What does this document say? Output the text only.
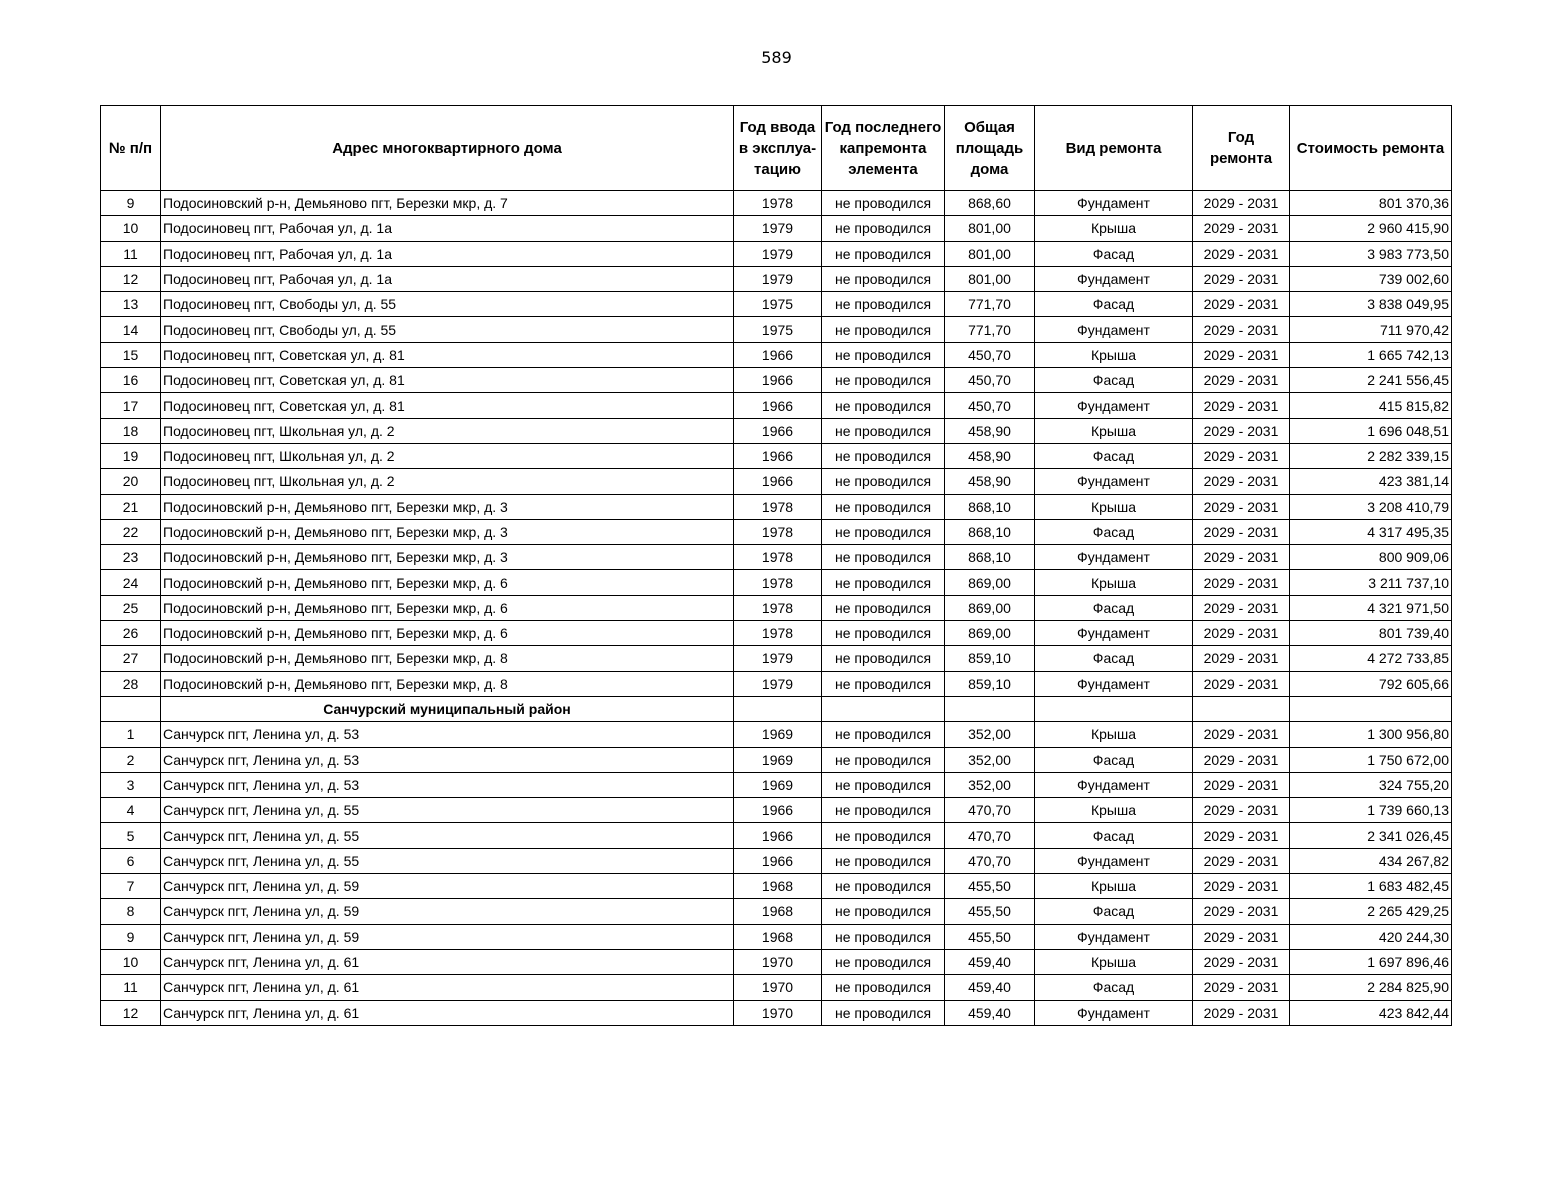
589
№ п/п	Адрес многоквартирного дома	Год ввода в эксплуа- тацию	Год последнего капремонта элемента	Общая площадь дома	Вид ремонта	Год ремонта	Стоимость ремонта
9	Подосиновский р-н, Демьяново пгт, Березки мкр, д. 7	1978	не проводился	868,60	Фундамент	2029 - 2031	801 370,36
10	Подосиновец пгт, Рабочая ул, д. 1а	1979	не проводился	801,00	Крыша	2029 - 2031	2 960 415,90
11	Подосиновец пгт, Рабочая ул, д. 1а	1979	не проводился	801,00	Фасад	2029 - 2031	3 983 773,50
12	Подосиновец пгт, Рабочая ул, д. 1а	1979	не проводился	801,00	Фундамент	2029 - 2031	739 002,60
13	Подосиновец пгт, Свободы ул, д. 55	1975	не проводился	771,70	Фасад	2029 - 2031	3 838 049,95
14	Подосиновец пгт, Свободы ул, д. 55	1975	не проводился	771,70	Фундамент	2029 - 2031	711 970,42
15	Подосиновец пгт, Советская ул, д. 81	1966	не проводился	450,70	Крыша	2029 - 2031	1 665 742,13
16	Подосиновец пгт, Советская ул, д. 81	1966	не проводился	450,70	Фасад	2029 - 2031	2 241 556,45
17	Подосиновец пгт, Советская ул, д. 81	1966	не проводился	450,70	Фундамент	2029 - 2031	415 815,82
18	Подосиновец пгт, Школьная ул, д. 2	1966	не проводился	458,90	Крыша	2029 - 2031	1 696 048,51
19	Подосиновец пгт, Школьная ул, д. 2	1966	не проводился	458,90	Фасад	2029 - 2031	2 282 339,15
20	Подосиновец пгт, Школьная ул, д. 2	1966	не проводился	458,90	Фундамент	2029 - 2031	423 381,14
21	Подосиновский р-н, Демьяново пгт, Березки мкр, д. 3	1978	не проводился	868,10	Крыша	2029 - 2031	3 208 410,79
22	Подосиновский р-н, Демьяново пгт, Березки мкр, д. 3	1978	не проводился	868,10	Фасад	2029 - 2031	4 317 495,35
23	Подосиновский р-н, Демьяново пгт, Березки мкр, д. 3	1978	не проводился	868,10	Фундамент	2029 - 2031	800 909,06
24	Подосиновский р-н, Демьяново пгт, Березки мкр, д. 6	1978	не проводился	869,00	Крыша	2029 - 2031	3 211 737,10
25	Подосиновский р-н, Демьяново пгт, Березки мкр, д. 6	1978	не проводился	869,00	Фасад	2029 - 2031	4 321 971,50
26	Подосиновский р-н, Демьяново пгт, Березки мкр, д. 6	1978	не проводился	869,00	Фундамент	2029 - 2031	801 739,40
27	Подосиновский р-н, Демьяново пгт, Березки мкр, д. 8	1979	не проводился	859,10	Фасад	2029 - 2031	4 272 733,85
28	Подосиновский р-н, Демьяново пгт, Березки мкр, д. 8	1979	не проводился	859,10	Фундамент	2029 - 2031	792 605,66
	Санчурский муниципальный район						
1	Санчурск пгт, Ленина ул, д. 53	1969	не проводился	352,00	Крыша	2029 - 2031	1 300 956,80
2	Санчурск пгт, Ленина ул, д. 53	1969	не проводился	352,00	Фасад	2029 - 2031	1 750 672,00
3	Санчурск пгт, Ленина ул, д. 53	1969	не проводился	352,00	Фундамент	2029 - 2031	324 755,20
4	Санчурск пгт, Ленина ул, д. 55	1966	не проводился	470,70	Крыша	2029 - 2031	1 739 660,13
5	Санчурск пгт, Ленина ул, д. 55	1966	не проводился	470,70	Фасад	2029 - 2031	2 341 026,45
6	Санчурск пгт, Ленина ул, д. 55	1966	не проводился	470,70	Фундамент	2029 - 2031	434 267,82
7	Санчурск пгт, Ленина ул, д. 59	1968	не проводился	455,50	Крыша	2029 - 2031	1 683 482,45
8	Санчурск пгт, Ленина ул, д. 59	1968	не проводился	455,50	Фасад	2029 - 2031	2 265 429,25
9	Санчурск пгт, Ленина ул, д. 59	1968	не проводился	455,50	Фундамент	2029 - 2031	420 244,30
10	Санчурск пгт, Ленина ул, д. 61	1970	не проводился	459,40	Крыша	2029 - 2031	1 697 896,46
11	Санчурск пгт, Ленина ул, д. 61	1970	не проводился	459,40	Фасад	2029 - 2031	2 284 825,90
12	Санчурск пгт, Ленина ул, д. 61	1970	не проводился	459,40	Фундамент	2029 - 2031	423 842,44
